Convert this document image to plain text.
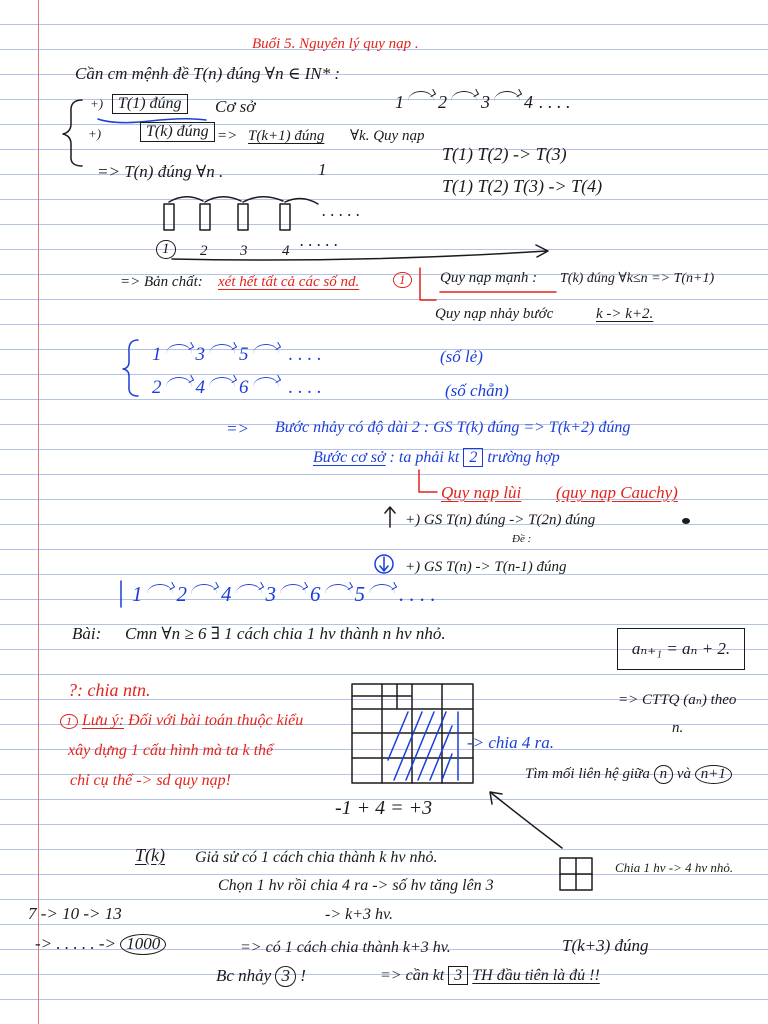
Buổi 5. Nguyên lý quy nạp .
Cần cm mệnh đề T(n) đúng ∀n ∈ IN* :
+) T(1) đúng	Cơ sở	1 2 3 4 . . . .
+)	T(k) đúng => T(k+1) đúng ∀k. Quy nạp
T(1) T(2) -> T(3)
=> T(n) đúng ∀n .	1
T(1) T(2) T(3) -> T(4)
. . . . .
. . . . .
1	2 3 4
=> Bản chất: xét hết tất cả các số nd.	1	Quy nạp mạnh : T(k) đúng ∀k≤n => T(n+1)
Quy nạp nhảy bước	k -> k+2.
1 3 5 . . . .	(số lẻ)
2 4 6 . . . .	(số chẵn)
=> Bước nhảy có độ dài 2 : GS T(k) đúng => T(k+2) đúng
Bước cơ sở : ta phải kt 2 trường hợp
Quy nạp lùi (quy nạp Cauchy)
+) GS T(n) đúng -> T(2n) đúng
Đề :
+) GS T(n) -> T(n-1) đúng
1 2 4 3 6 5 . . . .
Bài: Cmn ∀n ≥ 6 ∃ 1 cách chia 1 hv thành n hv nhỏ.
aₙ₊₁ = aₙ + 2.
=> CTTQ (aₙ) theo
n.
?: chia ntn.
1 Lưu ý: Đối với bài toán thuộc kiểu
xây dựng 1 cấu hình mà ta k thể
chỉ cụ thể -> sd quy nạp!
-> chia 4 ra.
Tìm mối liên hệ giữa n và n+1
-1 + 4 = +3
T(k) Giả sử có 1 cách chia thành k hv nhỏ.
Chia 1 hv -> 4 hv nhỏ.
Chọn 1 hv rồi chia 4 ra -> số hv tăng lên 3
7 -> 10 -> 13	-> k+3 hv.
-> . . . . . -> 1000	=> có 1 cách chia thành k+3 hv.	T(k+3) đúng
Bc nhảy 3 !	=> cần kt 3 TH đầu tiên là đủ !!
